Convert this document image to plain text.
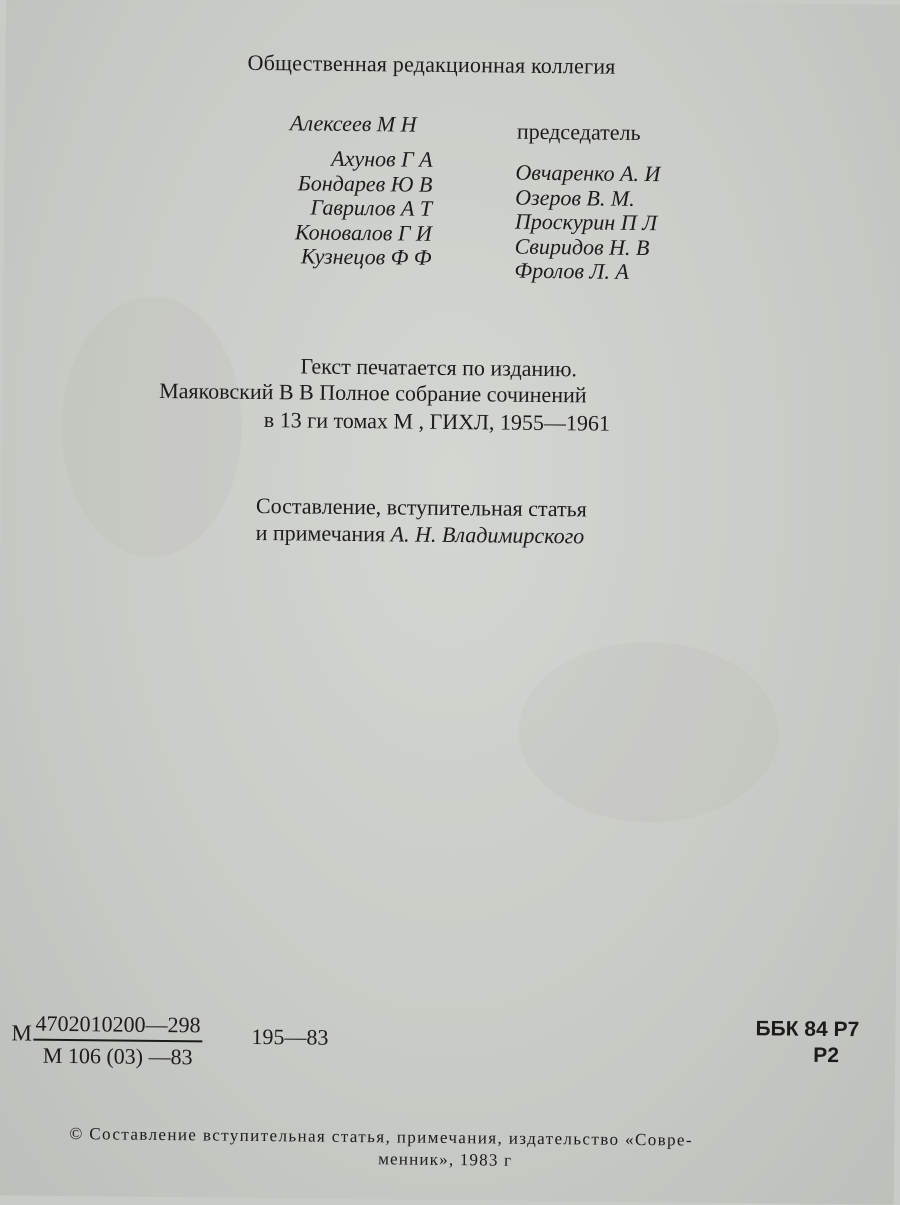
Общественная редакционная коллегия
Алексеев М Н	председатель
Ахунов Г А
Бондарев Ю В
Гаврилов А Т
Коновалов Г И
Кузнецов Ф Ф
Овчаренко А. И
Озеров В. М.
Проскурин П Л
Свиридов Н. В
Фролов Л. А
Гекст печатается по изданию.
Маяковский В В Полное собрание сочинений
в 13 ги томах М , ГИХЛ, 1955—1961
Составление, вступительная статья
и примечания А. Н. Владимирского
М 4702010200—298
М 106 (03) —83
195—83	ББК 84 Р7
Р2
© Составление вступительная статья, примечания, издательство «Совре-
менник», 1983 г
